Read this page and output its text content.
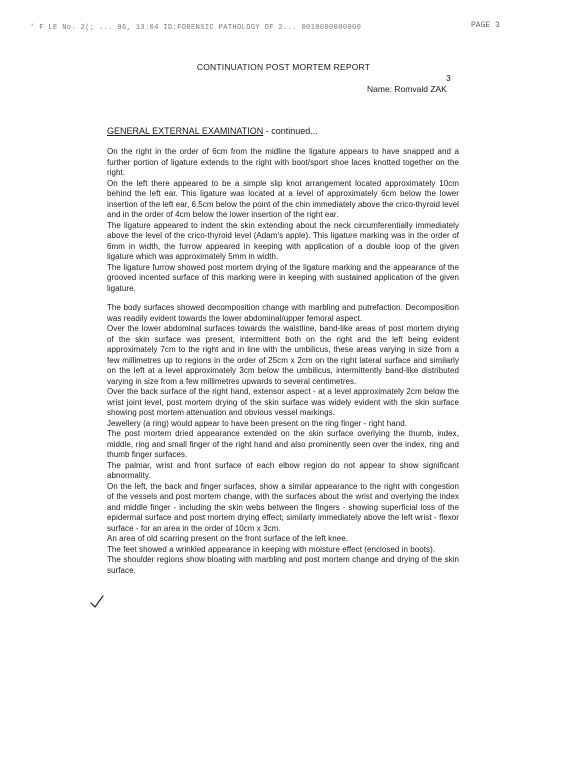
' F LE No. 2(; ... 96, 13:04 ID:FORENSIC PATHOLOGY OF 2... 0010000000000	PAGE 3
CONTINUATION POST MORTEM REPORT
3
Name: Romvald ZAK
GENERAL EXTERNAL EXAMINATION - continued...

On the right in the order of 6cm from the midline the ligature appears to have snapped and a further portion of ligature extends to the right with boot/sport shoe laces knotted together on the right.

On the left there appeared to be a simple slip knot arrangement located approximately 10cm behind the left ear. This ligature was located at a level of approximately 6cm below the lower insertion of the left ear, 6.5cm below the point of the chin immediately above the crico-thyroid level and in the order of 4cm below the lower insertion of the right ear.

The ligature appeared to indent the skin extending about the neck circumferentially immediately above the level of the crico-thyroid level (Adam's apple). This ligature marking was in the order of 6mm in width, the furrow appeared in keeping with application of a double loop of the given ligature which was approximately 5mm in width.

The ligature furrow showed post mortem drying of the ligature marking and the appearance of the grooved incented surface of this marking were in keeping with sustained application of the given ligature.

The body surfaces showed decomposition change with marbling and putrefaction. Decomposition was readily evident towards the lower abdominal/upper femoral aspect.

Over the lower abdominal surfaces towards the waistline, band-like areas of post mortem drying of the skin surface was present, intermittent both on the right and the left being evident approximately 7cm to the right and in line with the umbilicus, these areas varying in size from a few millimetres up to regions in the order of 25cm x 2cm on the right lateral surface and similarly on the left at a level approximately 3cm below the umbilicus, intermittently band-like distributed varying in size from a few millimetres upwards to several centimetres.

Over the back surface of the right hand, extensor aspect - at a level approximately 2cm below the wrist joint level, post mortem drying of the skin surface was widely evident with the skin surface showing post mortem attenuation and obvious vessel markings.

Jewellery (a ring) would appear to have been present on the ring finger - right hand.

The post mortem dried appearance extended on the skin surface overlying the thumb, index, middle, ring and small finger of the right hand and also prominently seen over the index, ring and thumb finger surfaces.

The palmar, wrist and front surface of each elbow region do not appear to show significant abnormality.

On the left, the back and finger surfaces, show a similar appearance to the right with congestion of the vessels and post mortem change, with the surfaces about the wrist and overlying the index and middle finger - including the skin webs between the fingers - showing superficial loss of the epidermal surface and post mortem drying effect; similarly immediately above the left wrist - flexor surface - for an area in the order of 10cm x 3cm.

An area of old scarring present on the front surface of the left knee.

The feet showed a wrinkled appearance in keeping with moisture effect (enclosed in boots).

The shoulder regions show bloating with marbling and post mortem change and drying of the skin surface.
